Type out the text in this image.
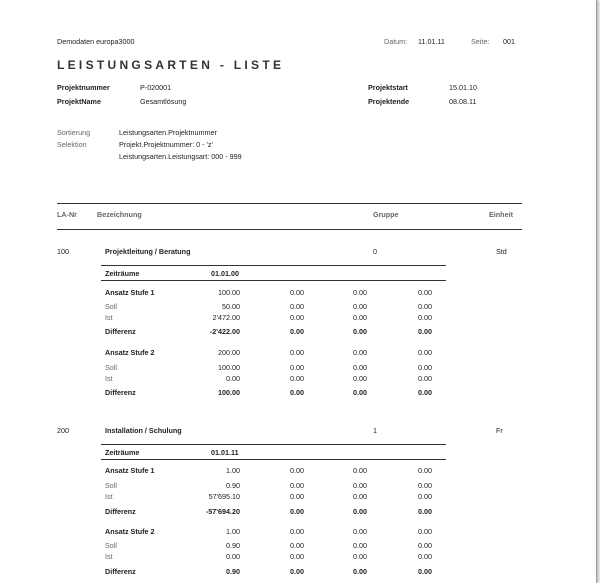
Demodaten europa3000	Datum: 11.01.11	Seite: 001
LEISTUNGSARTEN - LISTE
Projektnummer	P-020001	Projektstart	15.01.10
ProjektName	Gesamtlösung	Projektende	08.08.11
Sortierung	Leistungsarten.Projektnummer
Selektion	Projekt.Projektnummer: 0 - 'z'
Leistungsarten.Leistungsart: 000 - 999
LA-Nr	Bezeichnung	Gruppe	Einheit
100	Projektleitung / Beratung	0	Std
Zeiträume	01.01.00
Ansatz Stufe 1	100.00	0.00	0.00	0.00
Soll	50.00	0.00	0.00	0.00
Ist	2'472.00	0.00	0.00	0.00
Differenz	-2'422.00	0.00	0.00	0.00
Ansatz Stufe 2	200.00	0.00	0.00	0.00
Soll	100.00	0.00	0.00	0.00
Ist	0.00	0.00	0.00	0.00
Differenz	100.00	0.00	0.00	0.00
200	Installation / Schulung	1	Fr
Zeiträume	01.01.11
Ansatz Stufe 1	1.00	0.00	0.00	0.00
Soll	0.90	0.00	0.00	0.00
Ist	57'695.10	0.00	0.00	0.00
Differenz	-57'694.20	0.00	0.00	0.00
Ansatz Stufe 2	1.00	0.00	0.00	0.00
Soll	0.90	0.00	0.00	0.00
Ist	0.00	0.00	0.00	0.00
Differenz	0.90	0.00	0.00	0.00
